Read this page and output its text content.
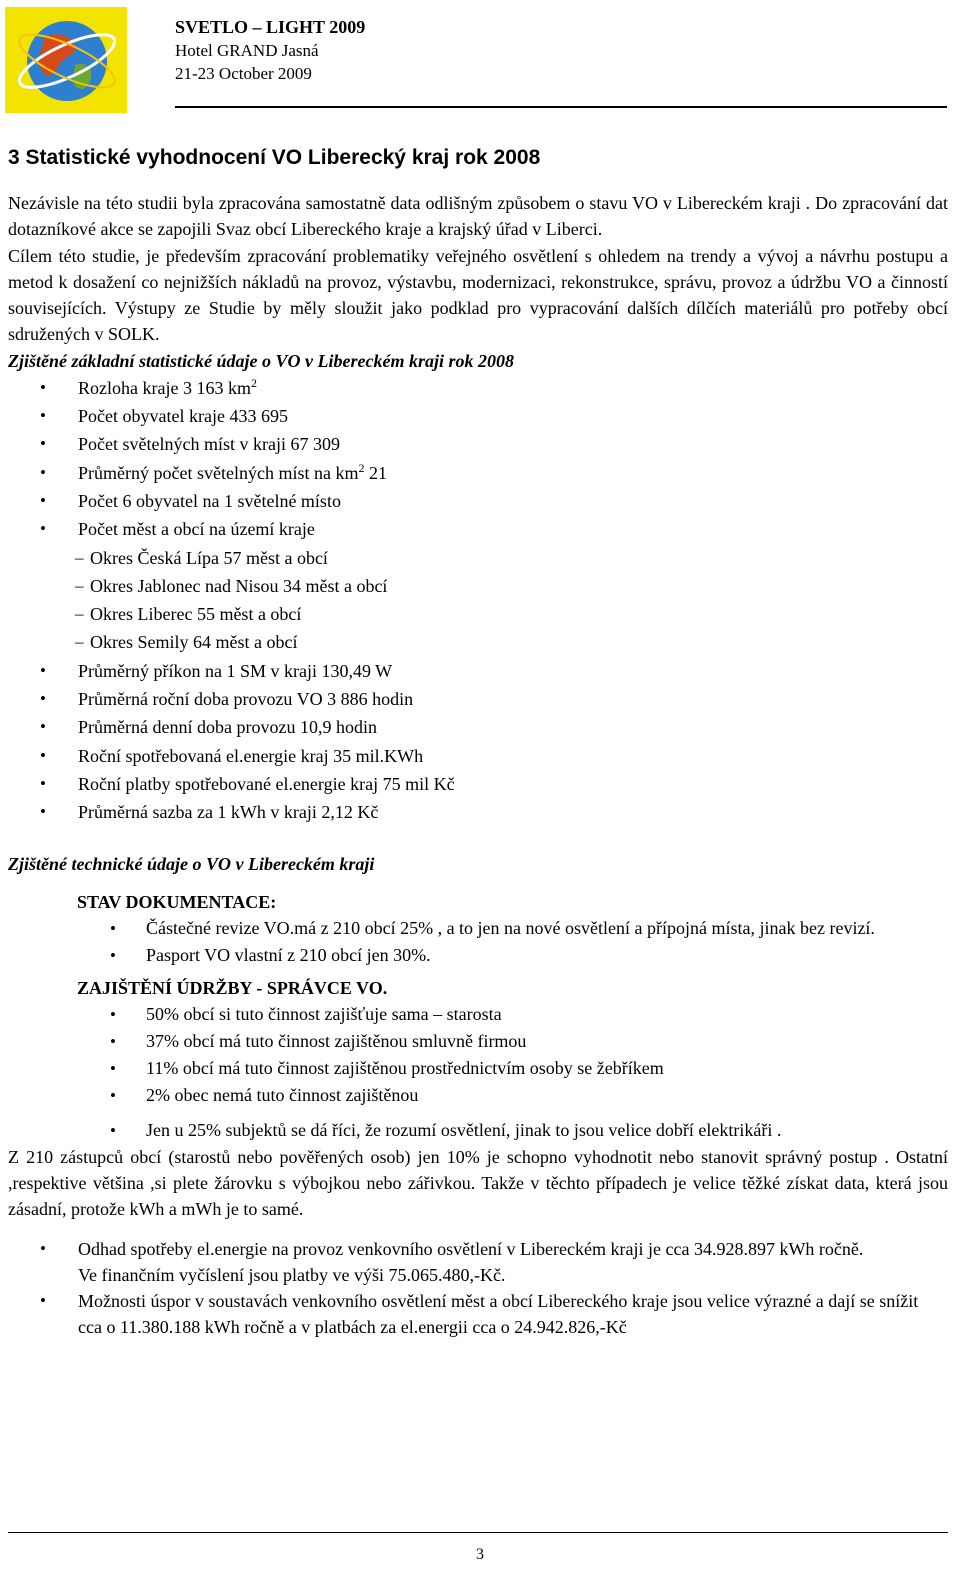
SVETLO – LIGHT 2009
Hotel GRAND Jasná
21-23 October 2009
3 Statistické vyhodnocení VO Liberecký kraj rok 2008

Nezávisle na této studii byla zpracována samostatně data odlišným způsobem o stavu VO v Libereckém kraji . Do zpracování dat dotazníkové akce se zapojili Svaz obcí Libereckého kraje a krajský úřad v Liberci.

Cílem této studie, je především zpracování problematiky veřejného osvětlení s ohledem na trendy a vývoj a návrhu postupu a metod k dosažení co nejnižších nákladů na provoz, výstavbu, modernizaci, rekonstrukce, správu, provoz a údržbu VO a činností souvisejících. Výstupy ze Studie by měly sloužit jako podklad pro vypracování dalších dílčích materiálů pro potřeby obcí sdružených v SOLK.

Zjištěné základní statistické údaje o VO v Libereckém kraji rok 2008
• Rozloha kraje 3 163 $km^2$
• Počet obyvatel kraje 433 695
• Počet světelných míst v kraji 67 309
• Průměrný počet světelných míst na $km^2$ 21
• Počet 6 obyvatel na 1 světelné místo
• Počet měst a obcí na území kraje
– Okres Česká Lípa 57 měst a obcí
– Okres Jablonec nad Nisou 34 měst a obcí
– Okres Liberec 55 měst a obcí
– Okres Semily 64 měst a obcí
• Průměrný příkon na 1 SM v kraji 130,49 W
• Průměrná roční doba provozu VO 3 886 hodin
• Průměrná denní doba provozu 10,9 hodin
• Roční spotřebovaná el.energie kraj 35 mil.KWh
• Roční platby spotřebované el.energie kraj 75 mil Kč
• Průměrná sazba za 1 kWh v kraji 2,12 Kč
Zjištěné technické údaje o VO v Libereckém kraji
STAV DOKUMENTACE:
• Částečné revize VO.má z 210 obcí 25% , a to jen na nové osvětlení a přípojná místa, jinak bez revizí.
• Pasport VO vlastní z 210 obcí jen 30%.
ZAJIŠTĚNÍ ÚDRŽBY - SPRÁVCE VO.
• 50% obcí si tuto činnost zajišťuje sama – starosta
• 37% obcí má tuto činnost zajištěnou smluvně firmou
• 11% obcí má tuto činnost zajištěnou prostřednictvím osoby se žebříkem
• 2% obec nemá tuto činnost zajištěnou
• Jen u 25% subjektů se dá říci, že rozumí osvětlení, jinak to jsou velice dobří elektrikáři .

Z 210 zástupců obcí (starostů nebo pověřených osob) jen 10% je schopno vyhodnotit nebo stanovit správný postup . Ostatní ,respektive většina ,si plete žárovku s výbojkou nebo zářivkou. Takže v těchto případech je velice těžké získat data, která jsou zásadní, protože kWh a mWh je to samé.

• Odhad spotřeby el.energie na provoz venkovního osvětlení v Libereckém kraji je cca 34.928.897 kWh ročně. Ve finančním vyčíslení jsou platby ve výši 75.065.480,-Kč.
• Možnosti úspor v soustavách venkovního osvětlení měst a obcí Libereckého kraje jsou velice výrazné a dají se snížit cca o 11.380.188 kWh ročně a v platbách za el.energii cca o 24.942.826,-Kč
3
